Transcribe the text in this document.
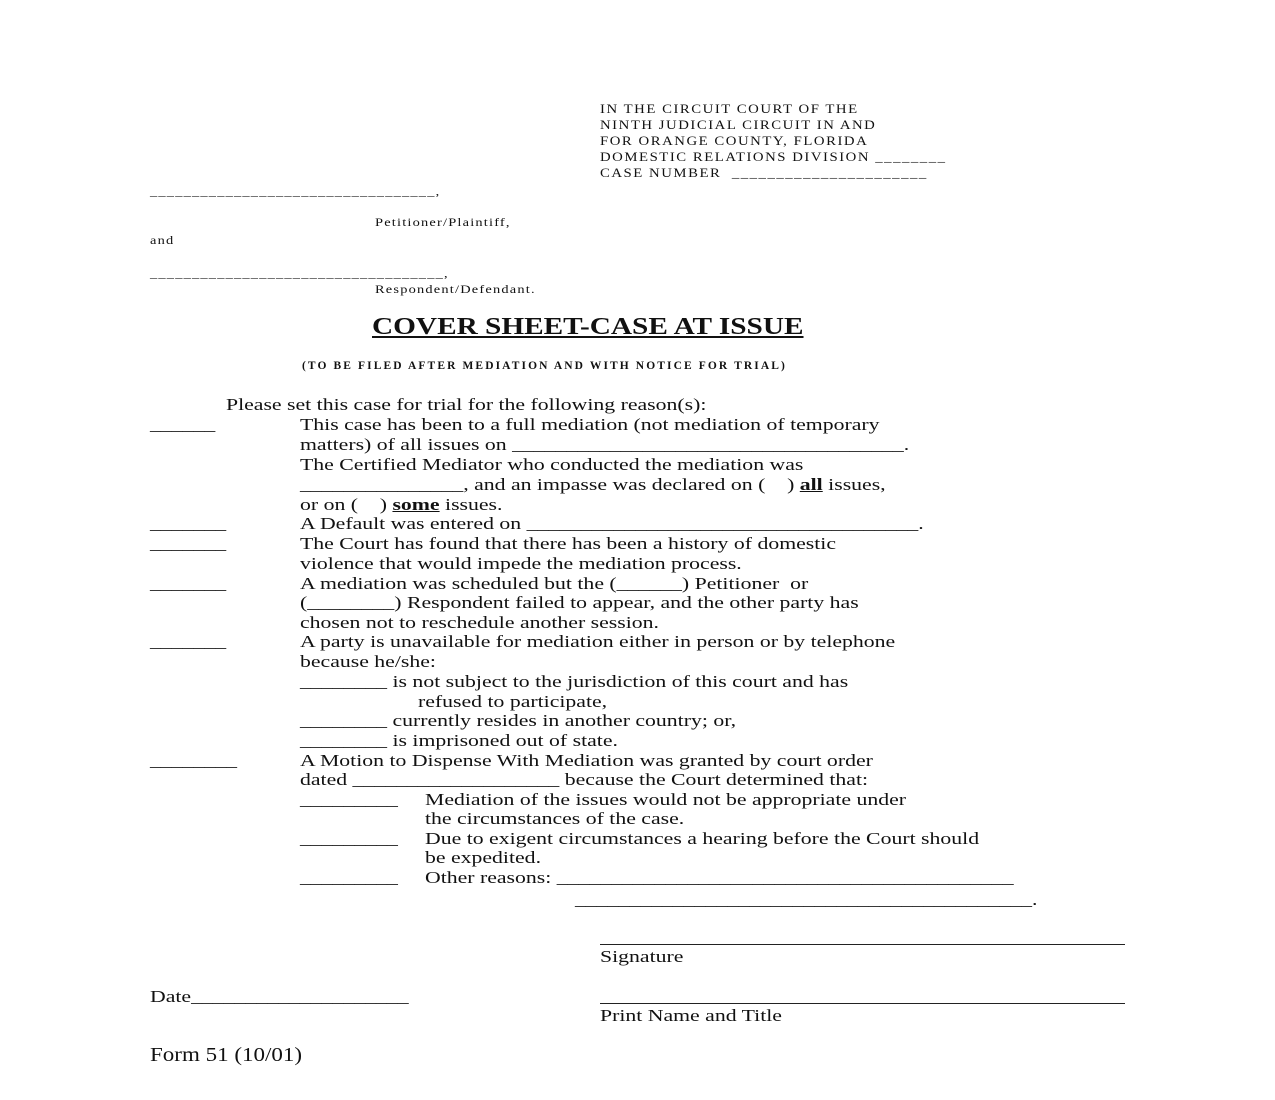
IN THE CIRCUIT COURT OF THE
NINTH JUDICIAL CIRCUIT IN AND
FOR ORANGE COUNTY, FLORIDA
DOMESTIC RELATIONS DIVISION ________
CASE NUMBER  ______________________
__________________________________,
Petitioner/Plaintiff,
and
___________________________________,
Respondent/Defendant.
COVER SHEET-CASE AT ISSUE
(TO BE FILED AFTER MEDIATION AND WITH NOTICE FOR TRIAL)
Please set this case for trial for the following reason(s):
______	This case has been to a full mediation (not mediation of temporary
matters) of all issues on ____________________________________.
The Certified Mediator who conducted the mediation was
_______________, and an impasse was declared on (    ) all issues,
or on (    ) some issues.
_______	A Default was entered on ____________________________________.
_______	The Court has found that there has been a history of domestic
violence that would impede the mediation process.
_______	A mediation was scheduled but the (______) Petitioner  or
(________) Respondent failed to appear, and the other party has
chosen not to reschedule another session.
_______	A party is unavailable for mediation either in person or by telephone
because he/she:
________ is not subject to the jurisdiction of this court and has
refused to participate,
________ currently resides in another country; or,
________ is imprisoned out of state.
________	A Motion to Dispense With Mediation was granted by court order
dated ___________________ because the Court determined that:
_________ Mediation of the issues would not be appropriate under
the circumstances of the case.
_________ Due to exigent circumstances a hearing before the Court should
be expedited.
_________ Other reasons: __________________________________________
__________________________________________.
Signature
Date____________________
Print Name and Title
Form 51 (10/01)
